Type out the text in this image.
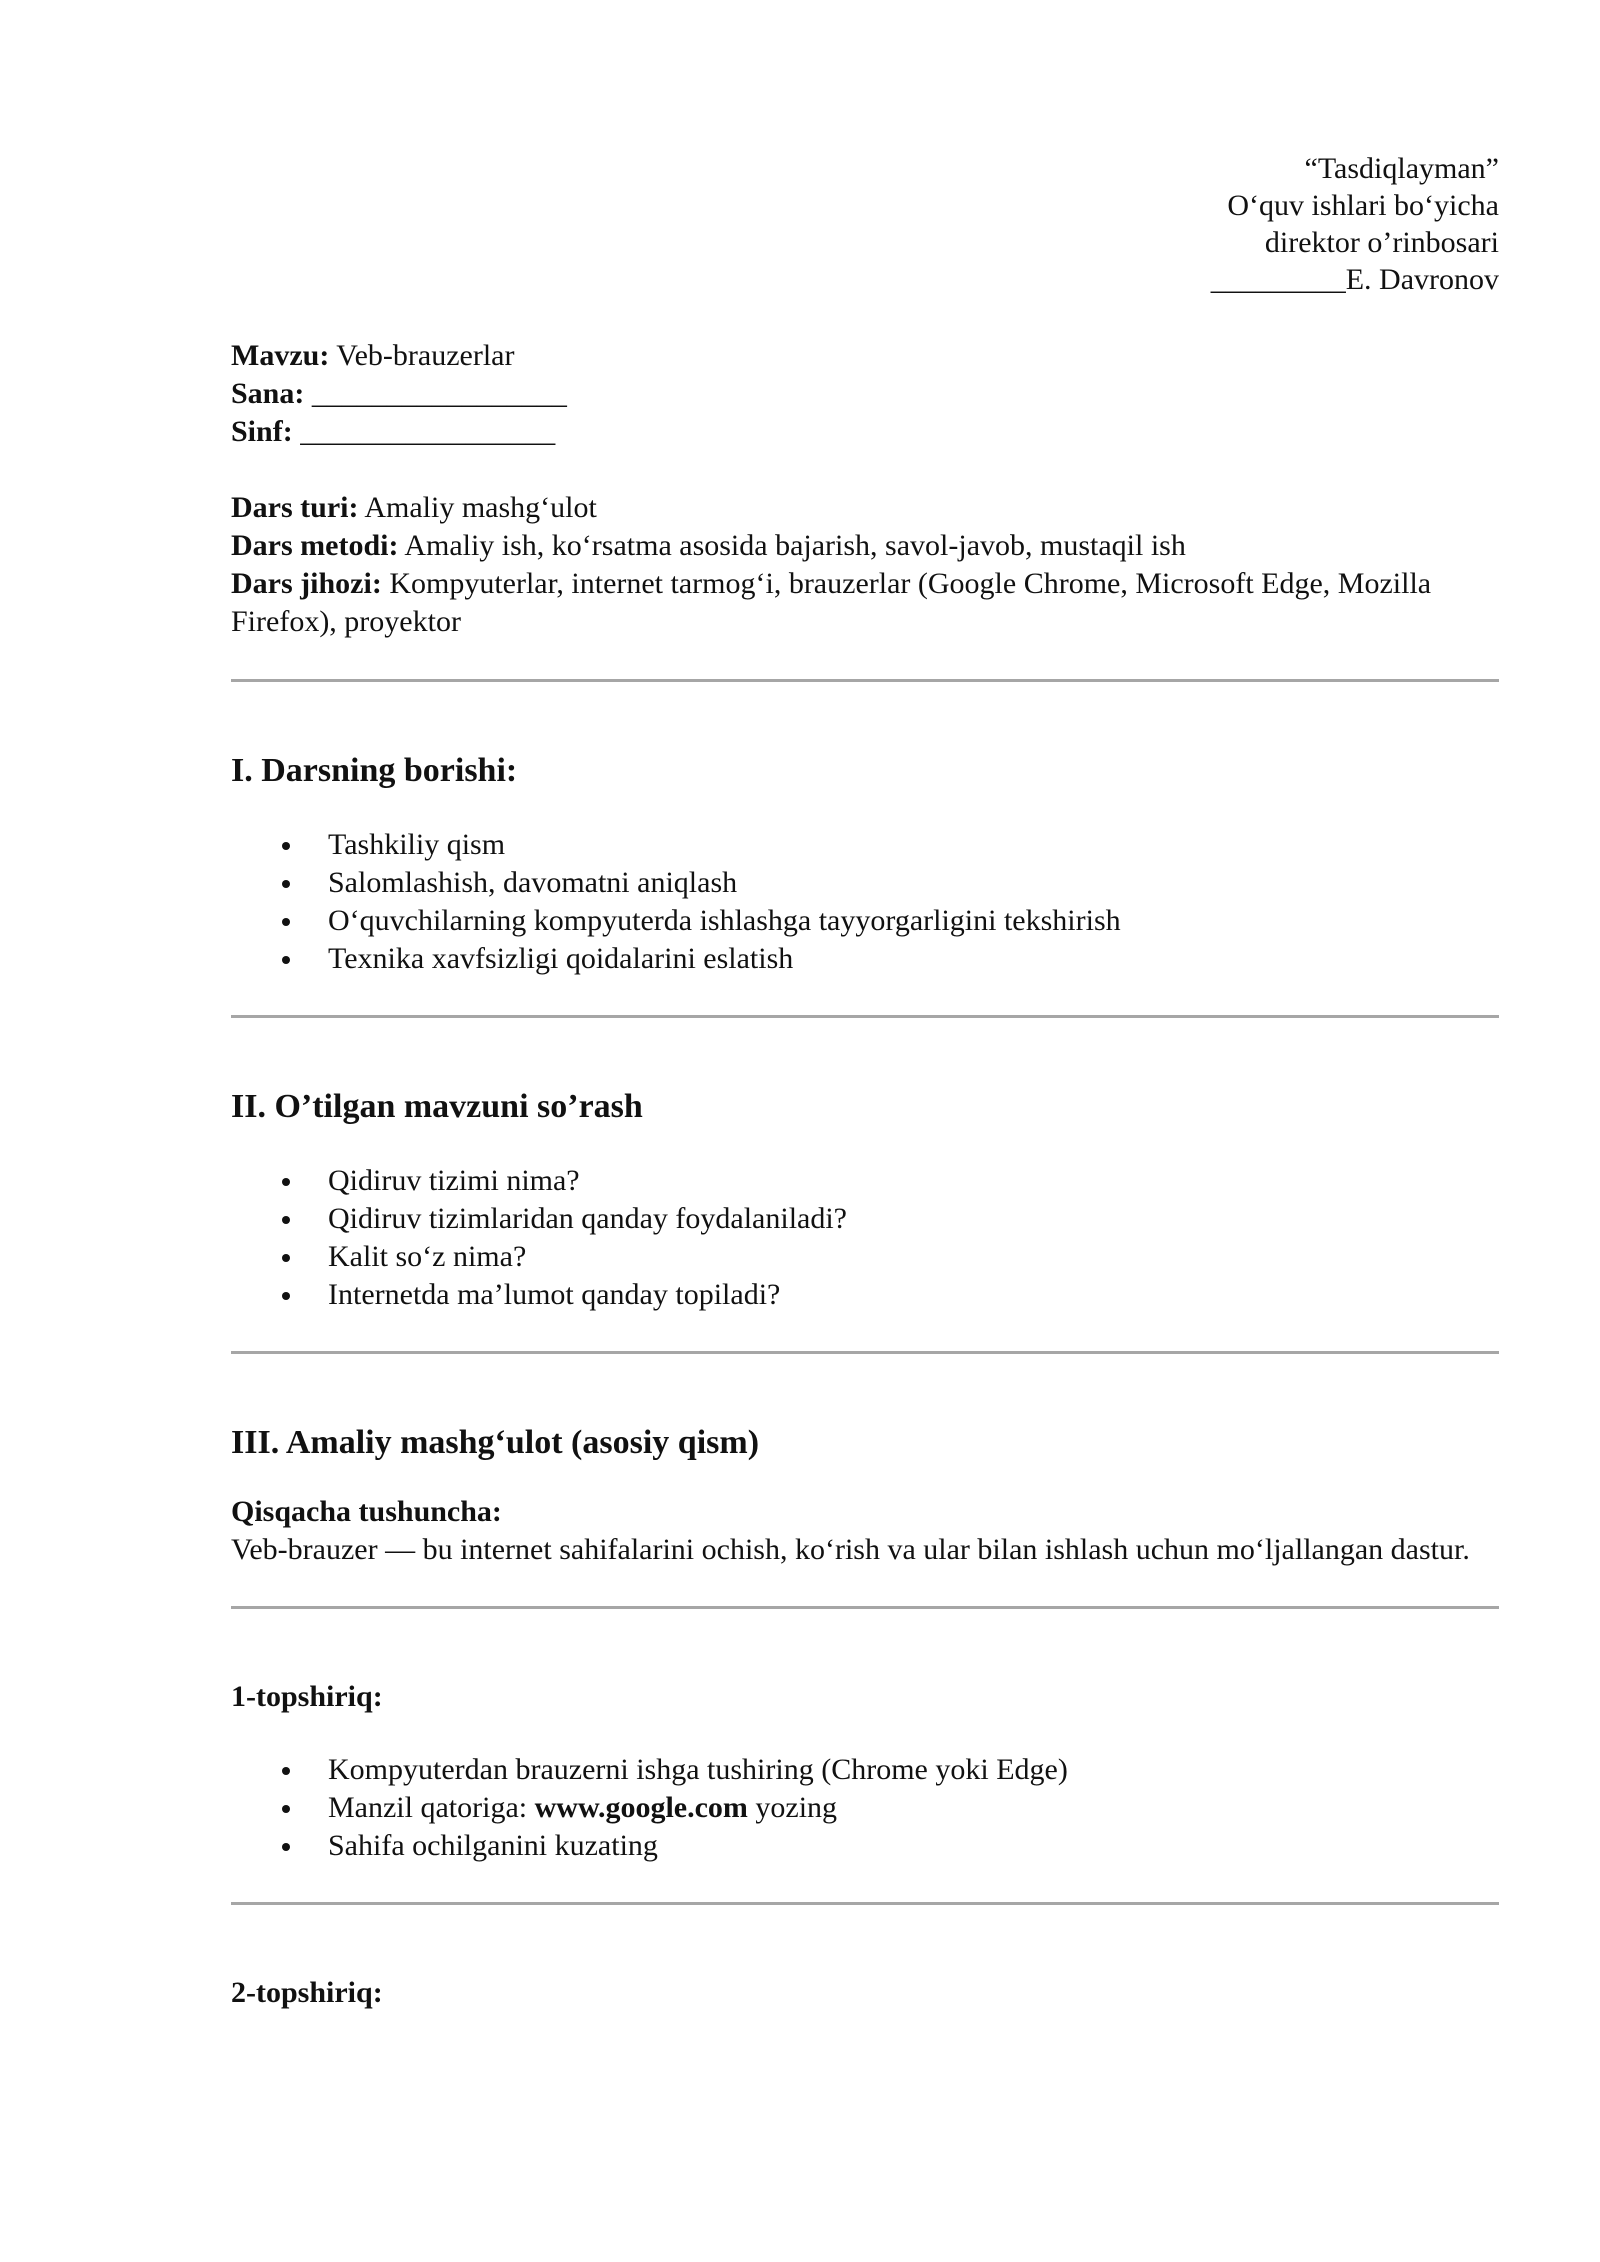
“Tasdiqlayman”
O‘quv ishlari bo‘yicha
direktor o’rinbosari
_________E. Davronov
Mavzu: Veb-brauzerlar
Sana: _________________
Sinf: _________________
Dars turi: Amaliy mashg‘ulot
Dars metodi: Amaliy ish, ko‘rsatma asosida bajarish, savol-javob, mustaqil ish
Dars jihozi: Kompyuterlar, internet tarmog‘i, brauzerlar (Google Chrome, Microsoft Edge, Mozilla Firefox), proyektor
I. Darsning borishi:
Tashkiliy qism
Salomlashish, davomatni aniqlash
O‘quvchilarning kompyuterda ishlashga tayyorgarligini tekshirish
Texnika xavfsizligi qoidalarini eslatish
II. O’tilgan mavzuni so’rash
Qidiruv tizimi nima?
Qidiruv tizimlaridan qanday foydalaniladi?
Kalit so‘z nima?
Internetda ma’lumot qanday topiladi?
III. Amaliy mashg‘ulot (asosiy qism)
Qisqacha tushuncha:
Veb-brauzer — bu internet sahifalarini ochish, ko‘rish va ular bilan ishlash uchun mo‘ljallangan dastur.
1-topshiriq:
Kompyuterdan brauzerni ishga tushiring (Chrome yoki Edge)
Manzil qatoriga: www.google.com yozing
Sahifa ochilganini kuzating
2-topshiriq:
